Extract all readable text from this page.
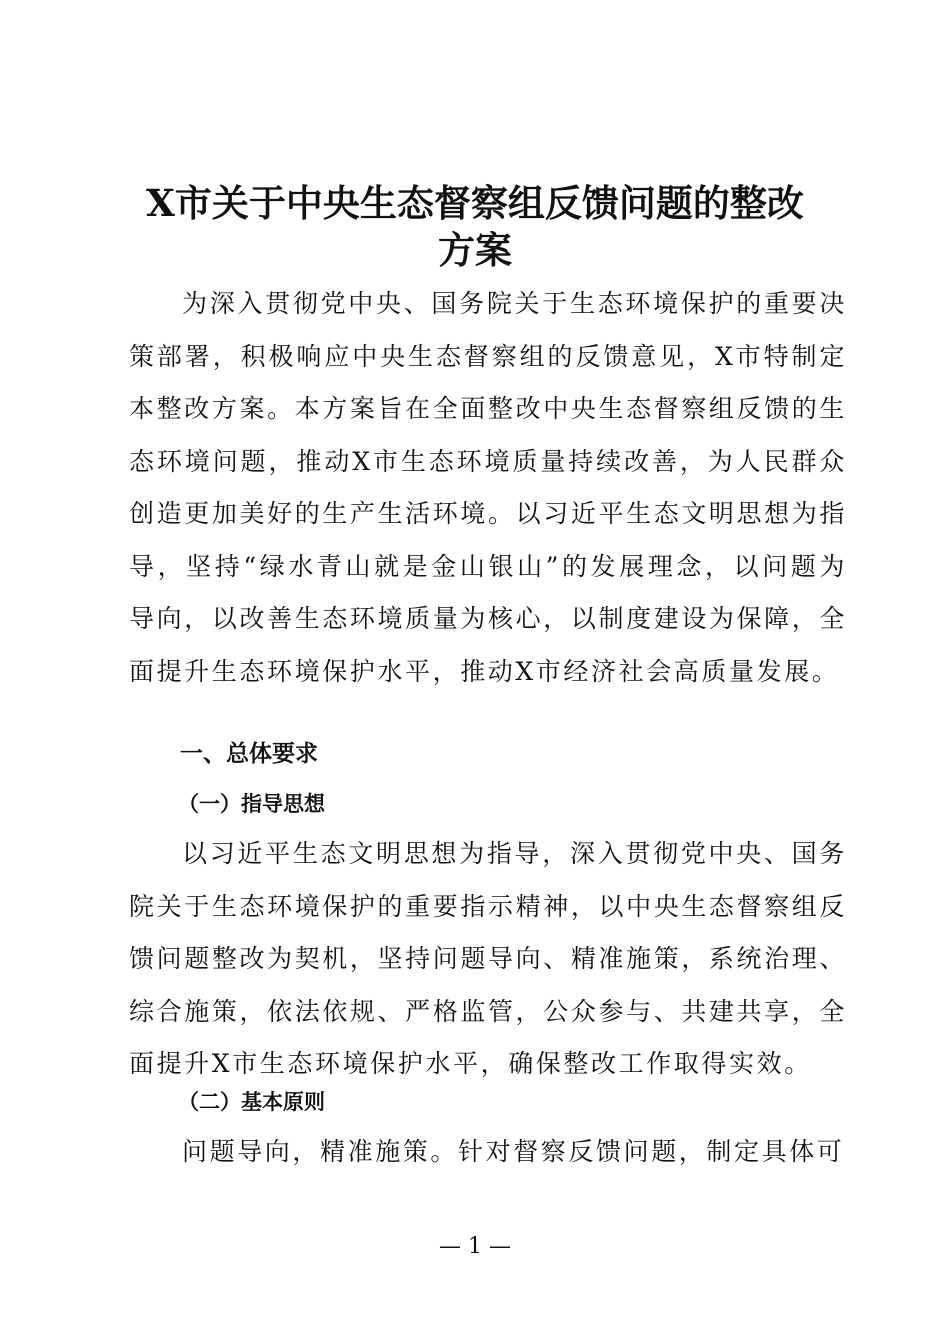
X市关于中央生态督察组反馈问题的整改方案

为深入贯彻党中央、国务院关于生态环境保护的重要决策部署，积极响应中央生态督察组的反馈意见，X市特制定本整改方案。本方案旨在全面整改中央生态督察组反馈的生态环境问题，推动X市生态环境质量持续改善，为人民群众创造更加美好的生产生活环境。以习近平生态文明思想为指导，坚持“绿水青山就是金山银山”的发展理念，以问题为导向，以改善生态环境质量为核心，以制度建设为保障，全面提升生态环境保护水平，推动X市经济社会高质量发展。

一、总体要求
（一）指导思想

以习近平生态文明思想为指导，深入贯彻党中央、国务院关于生态环境保护的重要指示精神，以中央生态督察组反馈问题整改为契机，坚持问题导向、精准施策，系统治理、综合施策，依法依规、严格监管，公众参与、共建共享，全面提升X市生态环境保护水平，确保整改工作取得实效。

（二）基本原则

问题导向，精准施策。针对督察反馈问题，制定具体可

— 1 —
